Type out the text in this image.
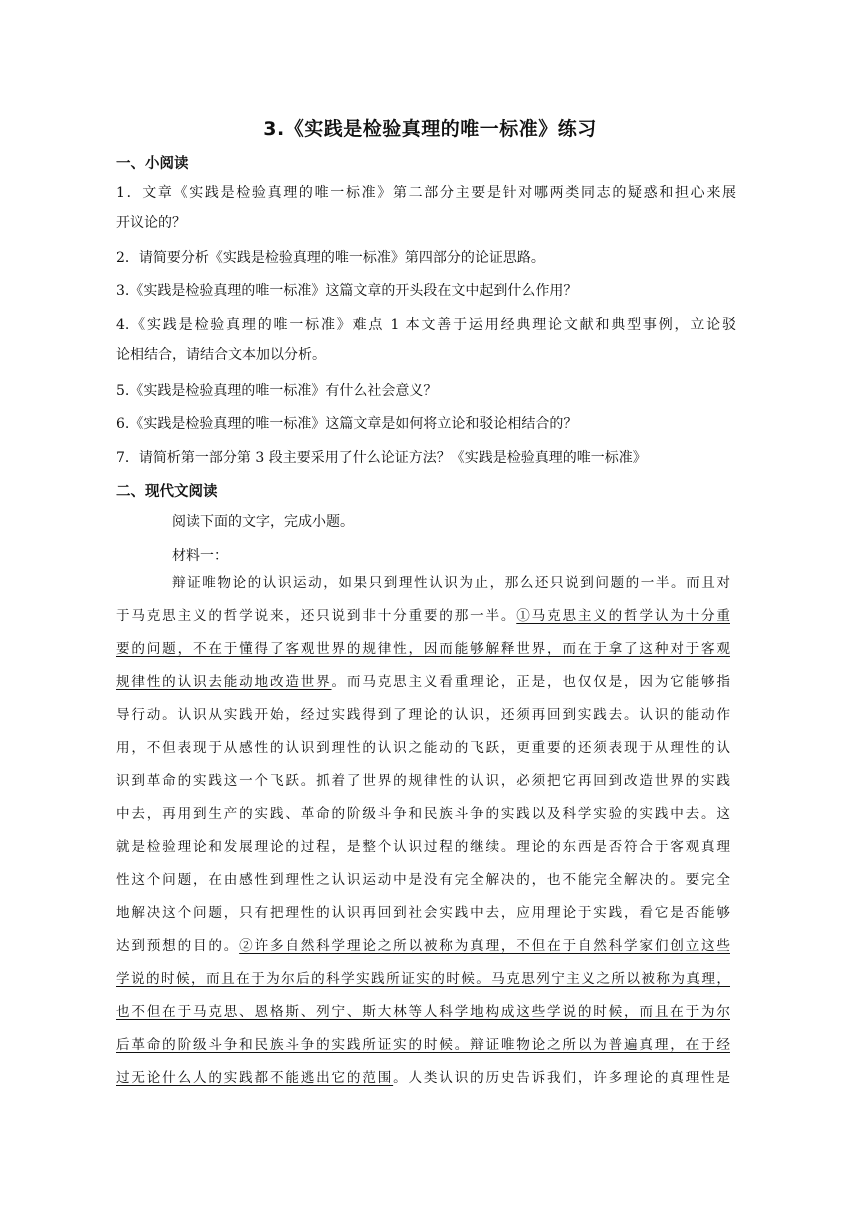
3.《实践是检验真理的唯一标准》练习
一、小阅读
1．文章《实践是检验真理的唯一标准》第二部分主要是针对哪两类同志的疑惑和担心来展
开议论的？
2．请简要分析《实践是检验真理的唯一标准》第四部分的论证思路。
3.《实践是检验真理的唯一标准》这篇文章的开头段在文中起到什么作用？
4.《实践是检验真理的唯一标准》难点 1 本文善于运用经典理论文献和典型事例，立论驳
论相结合，请结合文本加以分析。
5.《实践是检验真理的唯一标准》有什么社会意义？
6.《实践是检验真理的唯一标准》这篇文章是如何将立论和驳论相结合的？
7．请简析第一部分第 3 段主要采用了什么论证方法？《实践是检验真理的唯一标准》
二、现代文阅读
阅读下面的文字，完成小题。
材料一：
辩证唯物论的认识运动，如果只到理性认识为止，那么还只说到问题的一半。而且对
于马克思主义的哲学说来，还只说到非十分重要的那一半。①马克思主义的哲学认为十分重
要的问题，不在于懂得了客观世界的规律性，因而能够解释世界，而在于拿了这种对于客观
规律性的认识去能动地改造世界。而马克思主义看重理论，正是，也仅仅是，因为它能够指
导行动。认识从实践开始，经过实践得到了理论的认识，还须再回到实践去。认识的能动作
用，不但表现于从感性的认识到理性的认识之能动的飞跃，更重要的还须表现于从理性的认
识到革命的实践这一个飞跃。抓着了世界的规律性的认识，必须把它再回到改造世界的实践
中去，再用到生产的实践、革命的阶级斗争和民族斗争的实践以及科学实验的实践中去。这
就是检验理论和发展理论的过程，是整个认识过程的继续。理论的东西是否符合于客观真理
性这个问题，在由感性到理性之认识运动中是没有完全解决的，也不能完全解决的。要完全
地解决这个问题，只有把理性的认识再回到社会实践中去，应用理论于实践，看它是否能够
达到预想的目的。②许多自然科学理论之所以被称为真理，不但在于自然科学家们创立这些
学说的时候，而且在于为尔后的科学实践所证实的时候。马克思列宁主义之所以被称为真理，
也不但在于马克思、恩格斯、列宁、斯大林等人科学地构成这些学说的时候，而且在于为尔
后革命的阶级斗争和民族斗争的实践所证实的时候。辩证唯物论之所以为普遍真理，在于经
过无论什么人的实践都不能逃出它的范围。人类认识的历史告诉我们，许多理论的真理性是
